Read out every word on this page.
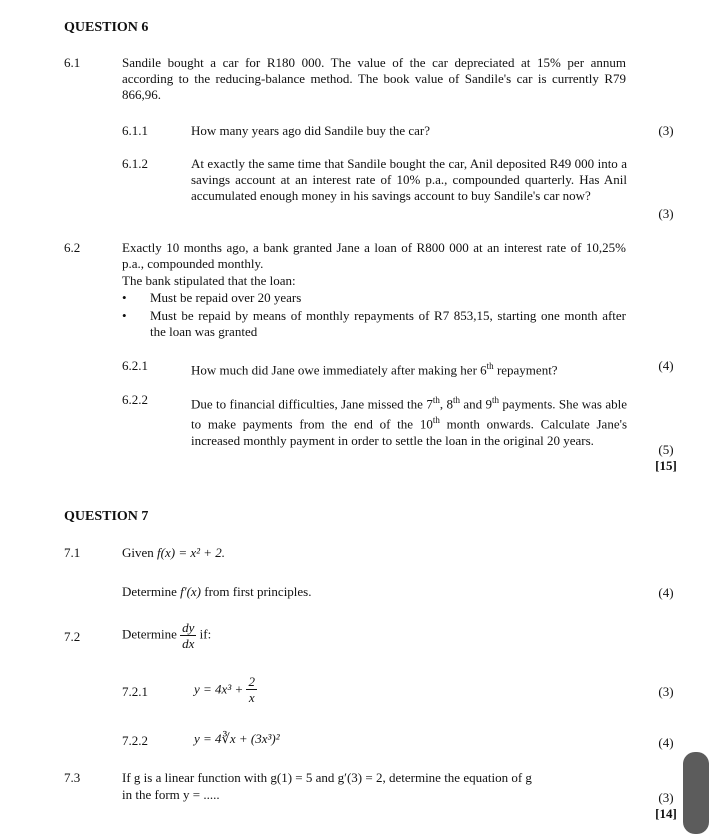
QUESTION 6
6.1	Sandile bought a car for R180 000. The value of the car depreciated at 15% per annum according to the reducing-balance method. The book value of Sandile's car is currently R79 866,96.
6.1.1	How many years ago did Sandile buy the car?	(3)
6.1.2	At exactly the same time that Sandile bought the car, Anil deposited R49 000 into a savings account at an interest rate of 10% p.a., compounded quarterly. Has Anil accumulated enough money in his savings account to buy Sandile's car now?
(3)
6.2	Exactly 10 months ago, a bank granted Jane a loan of R800 000 at an interest rate of 10,25% p.a., compounded monthly.
The bank stipulated that the loan:
• Must be repaid over 20 years
• Must be repaid by means of monthly repayments of R7 853,15, starting one month after the loan was granted
6.2.1	How much did Jane owe immediately after making her 6th repayment?	(4)
6.2.2	Due to financial difficulties, Jane missed the 7th, 8th and 9th payments. She was able to make payments from the end of the 10th month onwards. Calculate Jane's increased monthly payment in order to settle the loan in the original 20 years.
(5)
[15]
QUESTION 7
7.1	Given f(x) = x² + 2.
Determine f′(x) from first principles.	(4)
7.2	Determine $\frac{dy}{dx}$ if:
7.2.1	$y = 4x^3 + \frac{2}{x}$	(3)
7.2.2	y = 4∛x + (3x³)²	(4)
7.3	If g is a linear function with g(1) = 5 and g′(3) = 2, determine the equation of g
in the form y = .....	(3)
[14]
